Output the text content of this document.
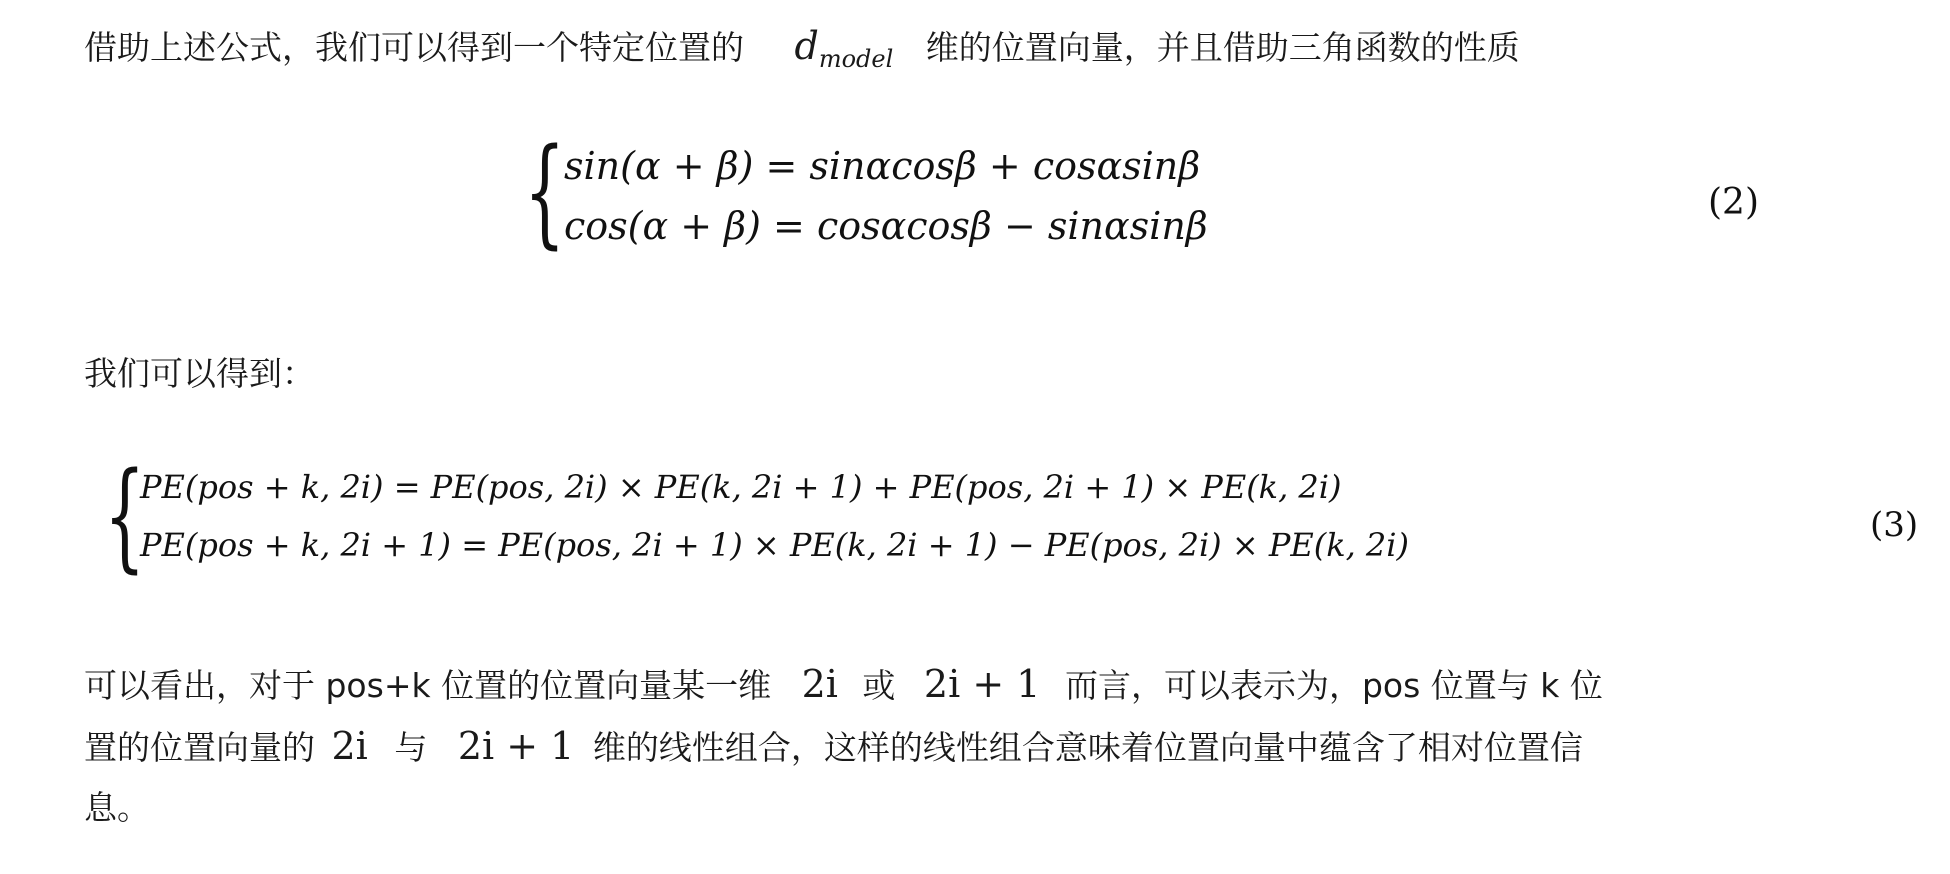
借助上述公式，我们可以得到一个特定位置的 $d_{model}$ 维的位置向量，并且借助三角函数的性质
{
sin(α + β) = sinαcosβ + cosαsinβ
cos(α + β) = cosαcosβ − sinαsinβ
(2)
我们可以得到：
{
PE(pos + k, 2i) = PE(pos, 2i) × PE(k, 2i + 1) + PE(pos, 2i + 1) × PE(k, 2i)
PE(pos + k, 2i + 1) = PE(pos, 2i + 1) × PE(k, 2i + 1) − PE(pos, 2i) × PE(k, 2i)	(3)
可以看出，对于 pos+k 位置的位置向量某一维 2i 或 2i + 1 而言，可以表示为，pos 位置与 k 位
置的位置向量的 2i 与 2i + 1 维的线性组合，这样的线性组合意味着位置向量中蕴含了相对位置信
息。
